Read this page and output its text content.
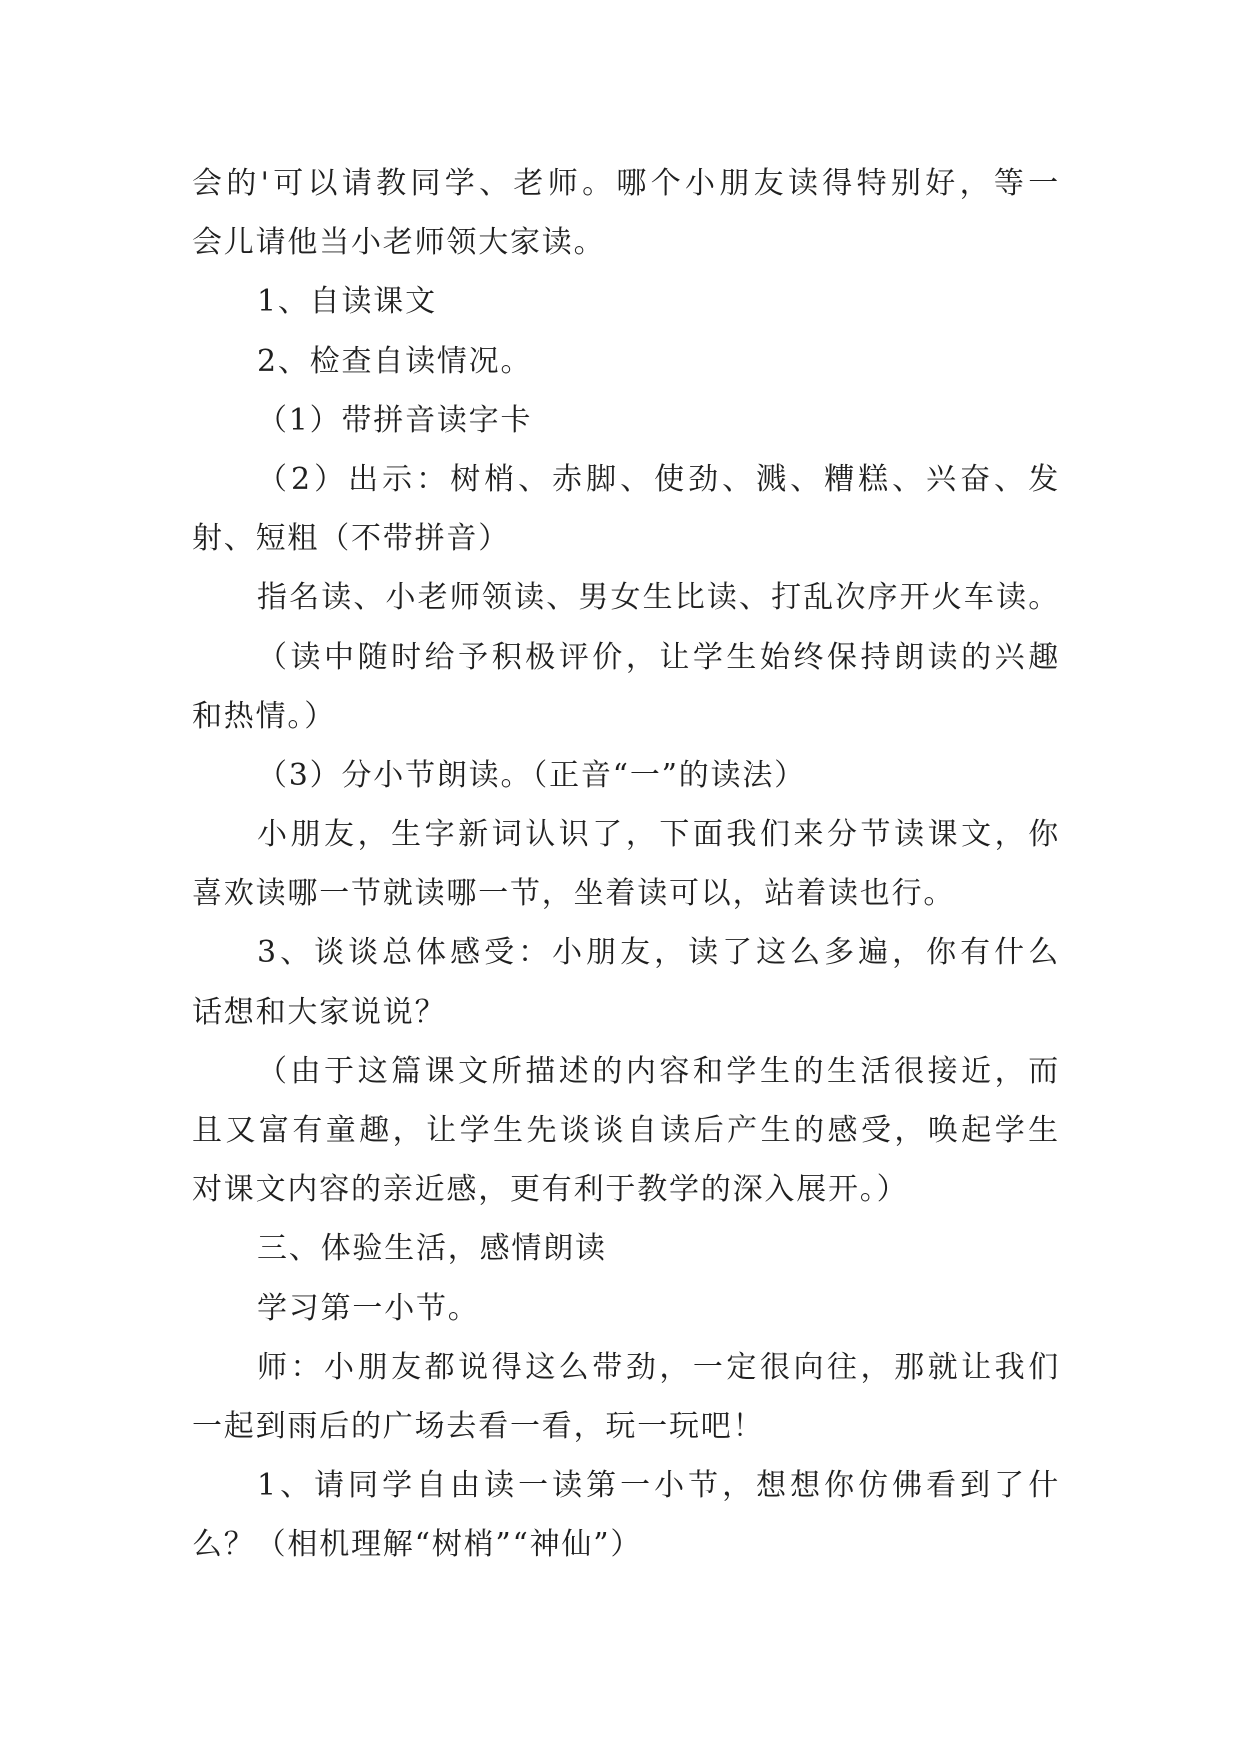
会的'可以请教同学、老师。哪个小朋友读得特别好，等一
会儿请他当小老师领大家读。
1、自读课文
2、检查自读情况。
（1）带拼音读字卡
（2）出示：树梢、赤脚、使劲、溅、糟糕、兴奋、发
射、短粗（不带拼音）
指名读、小老师领读、男女生比读、打乱次序开火车读。
（读中随时给予积极评价，让学生始终保持朗读的兴趣
和热情。）
（3）分小节朗读。（正音“一”的读法）
小朋友，生字新词认识了，下面我们来分节读课文，你
喜欢读哪一节就读哪一节，坐着读可以，站着读也行。
3、谈谈总体感受：小朋友，读了这么多遍，你有什么
话想和大家说说？
（由于这篇课文所描述的内容和学生的生活很接近，而
且又富有童趣，让学生先谈谈自读后产生的感受，唤起学生
对课文内容的亲近感，更有利于教学的深入展开。）
三、体验生活，感情朗读
学习第一小节。
师：小朋友都说得这么带劲，一定很向往，那就让我们
一起到雨后的广场去看一看，玩一玩吧！
1、请同学自由读一读第一小节，想想你仿佛看到了什
么？（相机理解“树梢”“神仙”）
